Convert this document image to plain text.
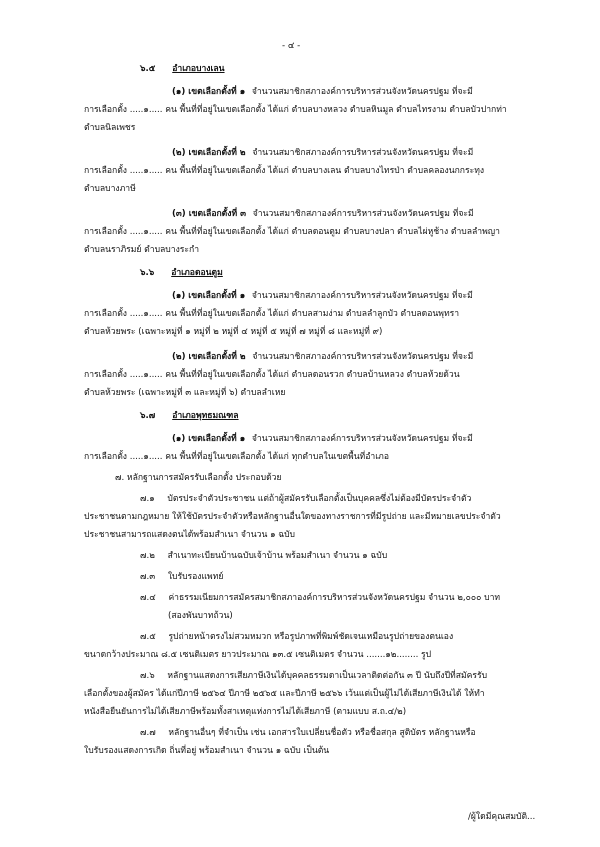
- ๔ -
๖.๕ อำเภอบางเลน
(๑) เขตเลือกตั้งที่ ๑ จำนวนสมาชิกสภาองค์การบริหารส่วนจังหวัดนครปฐม ที่จะมี
การเลือกตั้ง .....๑..... คน พื้นที่ที่อยู่ในเขตเลือกตั้ง ได้แก่ ตำบลบางหลวง ตำบลหินมูล ตำบลไทรงาม ตำบลบัวปากท่า
ตำบลนิลเพชร
(๒) เขตเลือกตั้งที่ ๒ จำนวนสมาชิกสภาองค์การบริหารส่วนจังหวัดนครปฐม ที่จะมี
การเลือกตั้ง .....๑..... คน พื้นที่ที่อยู่ในเขตเลือกตั้ง ได้แก่ ตำบลบางเลน ตำบลบางไทรป่า ตำบลคลองนกกระทุง
ตำบลบางภาษี
(๓) เขตเลือกตั้งที่ ๓ จำนวนสมาชิกสภาองค์การบริหารส่วนจังหวัดนครปฐม ที่จะมี
การเลือกตั้ง .....๑..... คน พื้นที่ที่อยู่ในเขตเลือกตั้ง ได้แก่ ตำบลดอนตูม ตำบลบางปลา ตำบลไผ่หูช้าง ตำบลลำพญา
ตำบลนราภิรมย์ ตำบลบางระกำ
๖.๖ อำเภอดอนตูม
(๑) เขตเลือกตั้งที่ ๑ จำนวนสมาชิกสภาองค์การบริหารส่วนจังหวัดนครปฐม ที่จะมี
การเลือกตั้ง .....๑..... คน พื้นที่ที่อยู่ในเขตเลือกตั้ง ได้แก่ ตำบลสามง่าม ตำบลลำลูกบัว ตำบลดอนพุทรา
ตำบลห้วยพระ (เฉพาะหมู่ที่ ๑ หมู่ที่ ๒ หมู่ที่ ๔ หมู่ที่ ๕ หมู่ที่ ๗ หมู่ที่ ๘ และหมู่ที่ ๙)
(๒) เขตเลือกตั้งที่ ๒ จำนวนสมาชิกสภาองค์การบริหารส่วนจังหวัดนครปฐม ที่จะมี
การเลือกตั้ง .....๑..... คน พื้นที่ที่อยู่ในเขตเลือกตั้ง ได้แก่ ตำบลดอนรวก ตำบลบ้านหลวง ตำบลห้วยด้วน
ตำบลห้วยพระ (เฉพาะหมู่ที่ ๓ และหมู่ที่ ๖) ตำบลลำเหย
๖.๗ อำเภอพุทธมณฑล
(๑) เขตเลือกตั้งที่ ๑ จำนวนสมาชิกสภาองค์การบริหารส่วนจังหวัดนครปฐม ที่จะมี
การเลือกตั้ง .....๑..... คน พื้นที่ที่อยู่ในเขตเลือกตั้ง ได้แก่ ทุกตำบลในเขตพื้นที่อำเภอ
๗. หลักฐานการสมัครรับเลือกตั้ง ประกอบด้วย
๗.๑ บัตรประจำตัวประชาชน แต่ถ้าผู้สมัครรับเลือกตั้งเป็นบุคคลซึ่งไม่ต้องมีบัตรประจำตัว
ประชาชนตามกฎหมาย ให้ใช้บัตรประจำตัวหรือหลักฐานอื่นใดของทางราชการที่มีรูปถ่าย และมีหมายเลขประจำตัว
ประชาชนสามารถแสดงตนได้พร้อมสำเนา จำนวน ๑ ฉบับ
๗.๒ สำเนาทะเบียนบ้านฉบับเจ้าบ้าน พร้อมสำเนา จำนวน ๑ ฉบับ
๗.๓ ใบรับรองแพทย์
๗.๔ ค่าธรรมเนียมการสมัครสมาชิกสภาองค์การบริหารส่วนจังหวัดนครปฐม จำนวน ๒,๐๐๐ บาท
(สองพันบาทถ้วน)
๗.๕ รูปถ่ายหน้าตรงไม่สวมหมวก หรือรูปภาพที่พิมพ์ชัดเจนเหมือนรูปถ่ายของตนเอง
ขนาดกว้างประมาณ ๘.๕ เซนติเมตร ยาวประมาณ ๑๓.๕ เซนติเมตร จำนวน .......๑๒........ รูป
๗.๖ หลักฐานแสดงการเสียภาษีเงินได้บุคคลธรรมดาเป็นเวลาติดต่อกัน ๓ ปี นับถึงปีที่สมัครรับ
เลือกตั้งของผู้สมัคร ได้แก่ปีภาษี ๒๕๖๔ ปีภาษี ๒๕๖๕ และปีภาษี ๒๕๖๖ เว้นแต่เป็นผู้ไม่ได้เสียภาษีเงินได้ ให้ทำ
หนังสือยืนยันการไม่ได้เสียภาษีพร้อมทั้งสาเหตุแห่งการไม่ได้เสียภาษี (ตามแบบ ส.ถ.๔/๒)
๗.๗ หลักฐานอื่นๆ ที่จำเป็น เช่น เอกสารใบเปลี่ยนชื่อตัว หรือชื่อสกุล สูติบัตร หลักฐานหรือ
ใบรับรองแสดงการเกิด ถิ่นที่อยู่ พร้อมสำเนา จำนวน ๑ ฉบับ เป็นต้น
/ผู้ใดมีคุณสมบัติ...
